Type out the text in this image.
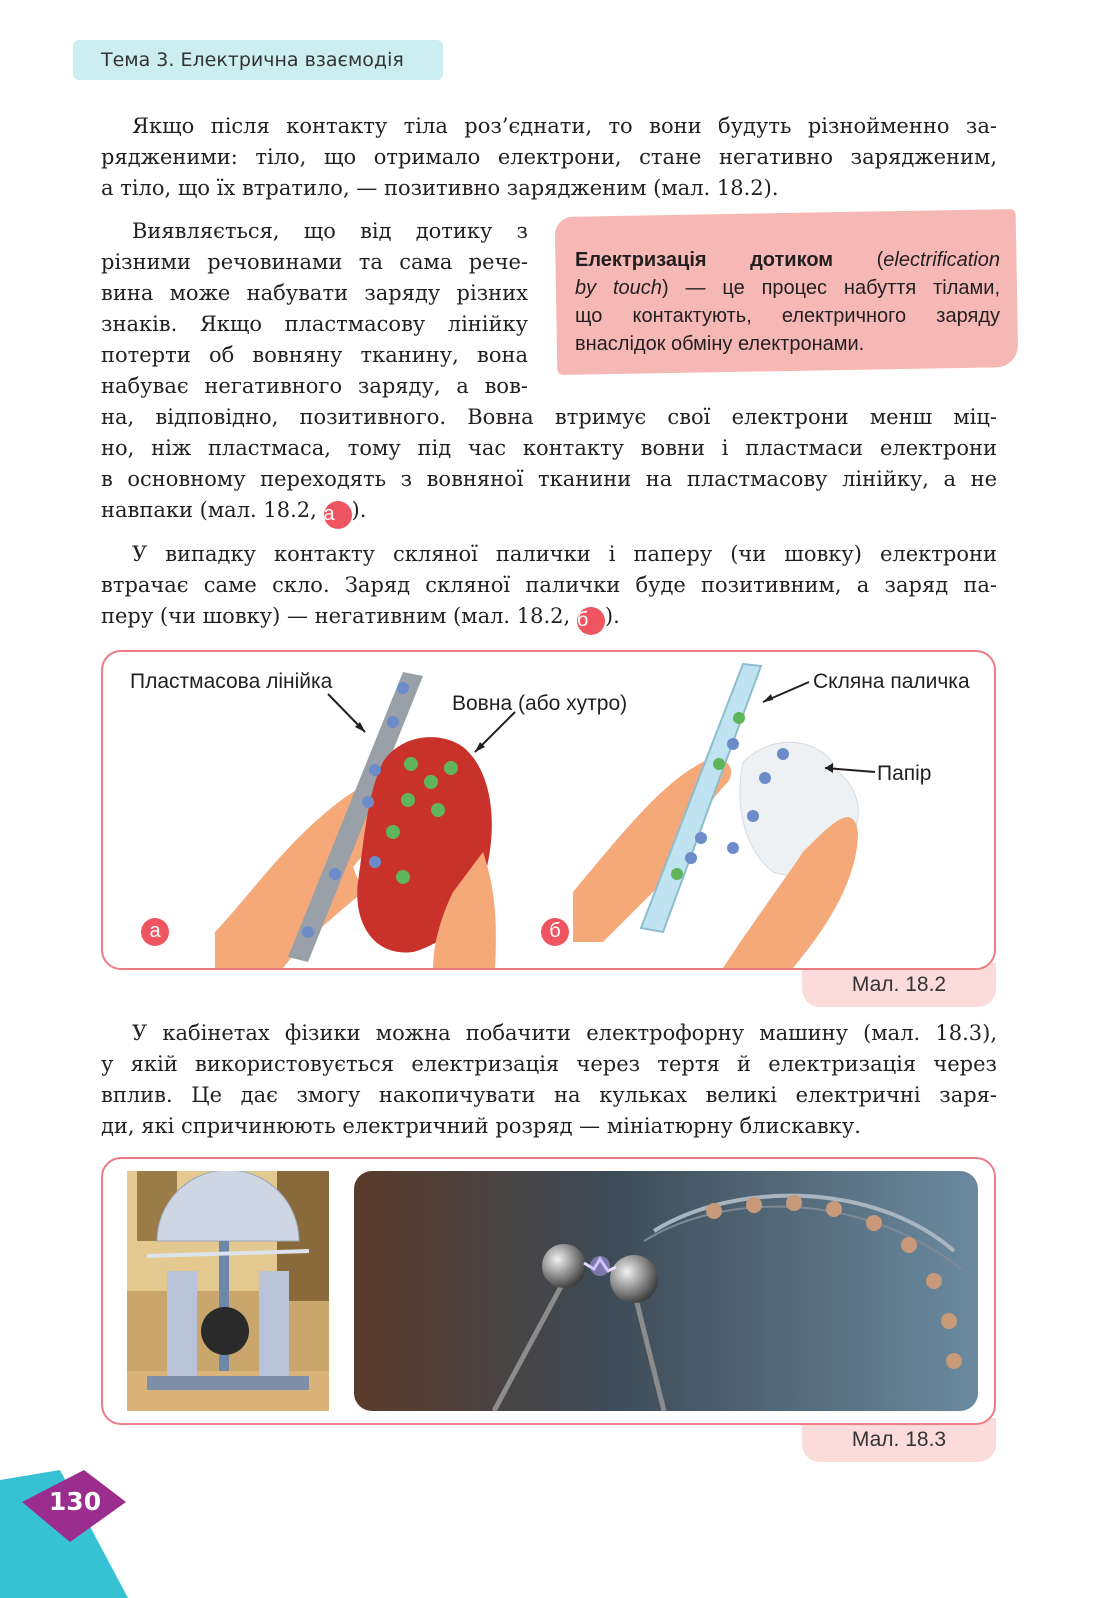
Тема 3. Електрична взаємодія
Якщо після контакту тіла роз’єднати, то вони будуть різнойменно за-
рядженими: тіло, що отримало електрони, стане негативно зарядженим,
а тіло, що їх втратило, — позитивно зарядженим (мал. 18.2).
Електризація дотиком (electrification
by touch) — це процес набуття тілами,
що контактують, електричного заряду
внаслідок обміну електронами.
Виявляється, що від дотику з
різними речовинами та сама рече-
вина може набувати заряду різних
знаків. Якщо пластмасову лінійку
потерти об вовняну тканину, вона
набуває негативного заряду, а вов-
на, відповідно, позитивного. Вовна втримує свої електрони менш міц-
но, ніж пластмаса, тому під час контакту вовни і пластмаси електрони
в основному переходять з вовняної тканини на пластмасову лінійку, а не
навпаки (мал. 18.2, а ).
У випадку контакту скляної палички і паперу (чи шовку) електрони
втрачає саме скло. Заряд скляної палички буде позитивним, а заряд па-
перу (чи шовку) — негативним (мал. 18.2, б ).
Мал. 18.2
Пластмасова лінійка
Вовна (або хутро)
Скляна паличка
Папір
а	б
У кабінетах фізики можна побачити електрофорну машину (мал. 18.3),
у якій використовується електризація через тертя й електризація через
вплив. Це дає змогу накопичувати на кульках великі електричні заря-
ди, які спричинюють електричний розряд — мініатюрну блискавку.
Мал. 18.3
130
